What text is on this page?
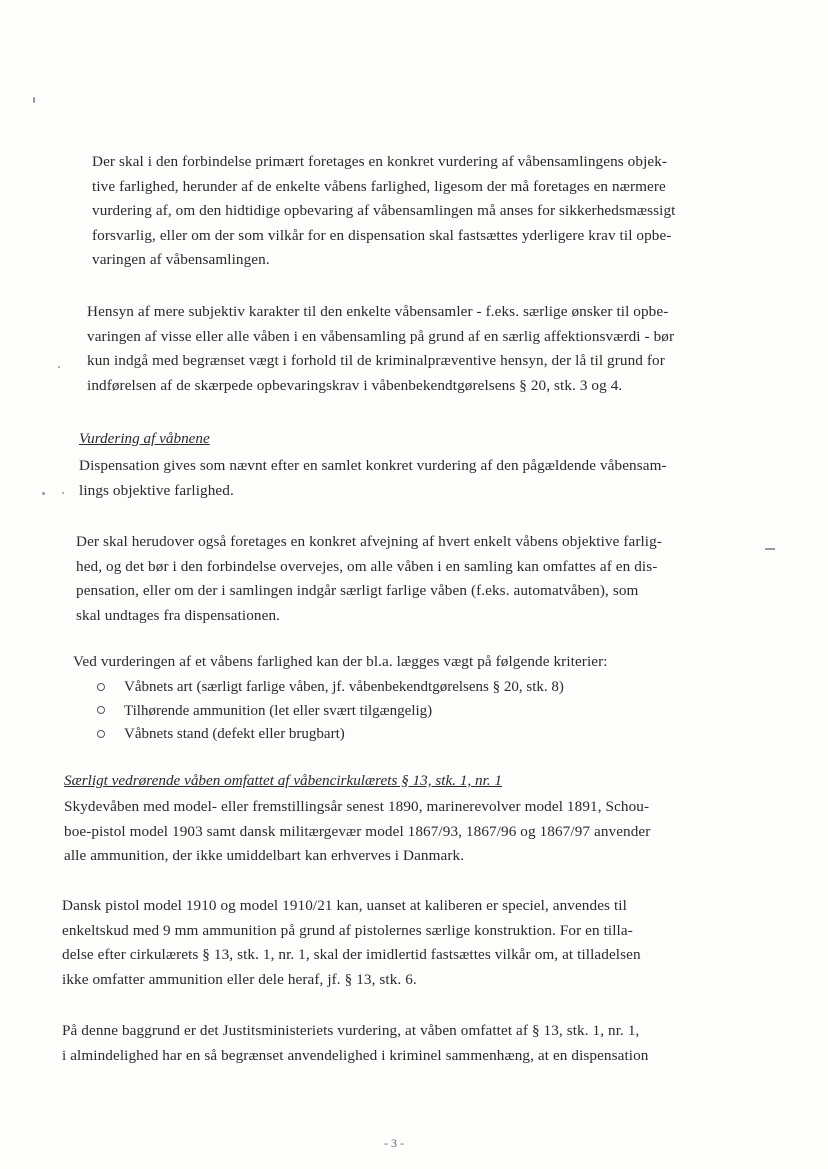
Der skal i den forbindelse primært foretages en konkret vurdering af våbensamlingens objek-
tive farlighed, herunder af de enkelte våbens farlighed, ligesom der må foretages en nærmere
vurdering af, om den hidtidige opbevaring af våbensamlingen må anses for sikkerhedsmæssigt
forsvarlig, eller om der som vilkår for en dispensation skal fastsættes yderligere krav til opbe-
varingen af våbensamlingen.
Hensyn af mere subjektiv karakter til den enkelte våbensamler - f.eks. særlige ønsker til opbe-
varingen af visse eller alle våben i en våbensamling på grund af en særlig affektionsværdi - bør
kun indgå med begrænset vægt i forhold til de kriminalpræventive hensyn, der lå til grund for
indførelsen af de skærpede opbevaringskrav i våbenbekendtgørelsens § 20, stk. 3 og 4.
Vurdering af våbnene
Dispensation gives som nævnt efter en samlet konkret vurdering af den pågældende våbensam-
lings objektive farlighed.
Der skal herudover også foretages en konkret afvejning af hvert enkelt våbens objektive farlig-
hed, og det bør i den forbindelse overvejes, om alle våben i en samling kan omfattes af en dis-
pensation, eller om der i samlingen indgår særligt farlige våben (f.eks. automatvåben), som
skal undtages fra dispensationen.
Ved vurderingen af et våbens farlighed kan der bl.a. lægges vægt på følgende kriterier:
Våbnets art (særligt farlige våben, jf. våbenbekendtgørelsens § 20, stk. 8)
Tilhørende ammunition (let eller svært tilgængelig)
Våbnets stand (defekt eller brugbart)
Særligt vedrørende våben omfattet af våbencirkulærets § 13, stk. 1, nr. 1
Skydevåben med model- eller fremstillingsår senest 1890, marinerevolver model 1891, Schou-
boe-pistol model 1903 samt dansk militærgevær model 1867/93, 1867/96 og 1867/97 anvender
alle ammunition, der ikke umiddelbart kan erhverves i Danmark.
Dansk pistol model 1910 og model 1910/21 kan, uanset at kaliberen er speciel, anvendes til
enkeltskud med 9 mm ammunition på grund af pistolernes særlige konstruktion. For en tilla-
delse efter cirkulærets § 13, stk. 1, nr. 1, skal der imidlertid fastsættes vilkår om, at tilladelsen
ikke omfatter ammunition eller dele heraf, jf. § 13, stk. 6.
På denne baggrund er det Justitsministeriets vurdering, at våben omfattet af § 13, stk. 1, nr. 1,
i almindelighed har en så begrænset anvendelighed i kriminel sammenhæng, at en dispensation
- 3 -
